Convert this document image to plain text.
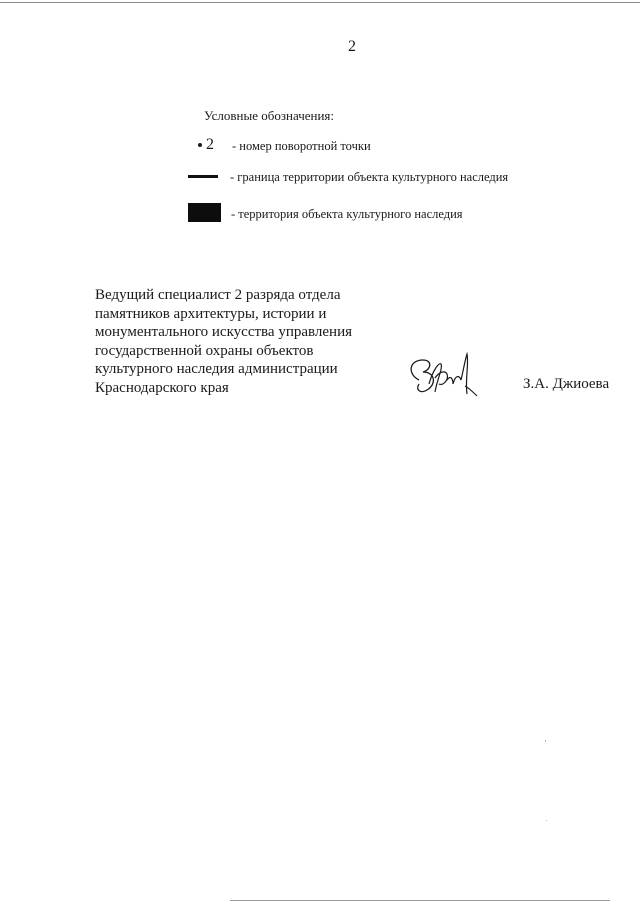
2
Условные обозначения:
2 - номер поворотной точки
- граница территории объекта культурного наследия
- территория объекта культурного наследия
Ведущий специалист 2 разряда отдела
памятников архитектуры, истории и
монументального искусства управления
государственной охраны объектов
культурного наследия администрации
Краснодарского края	З.А. Джиоева
